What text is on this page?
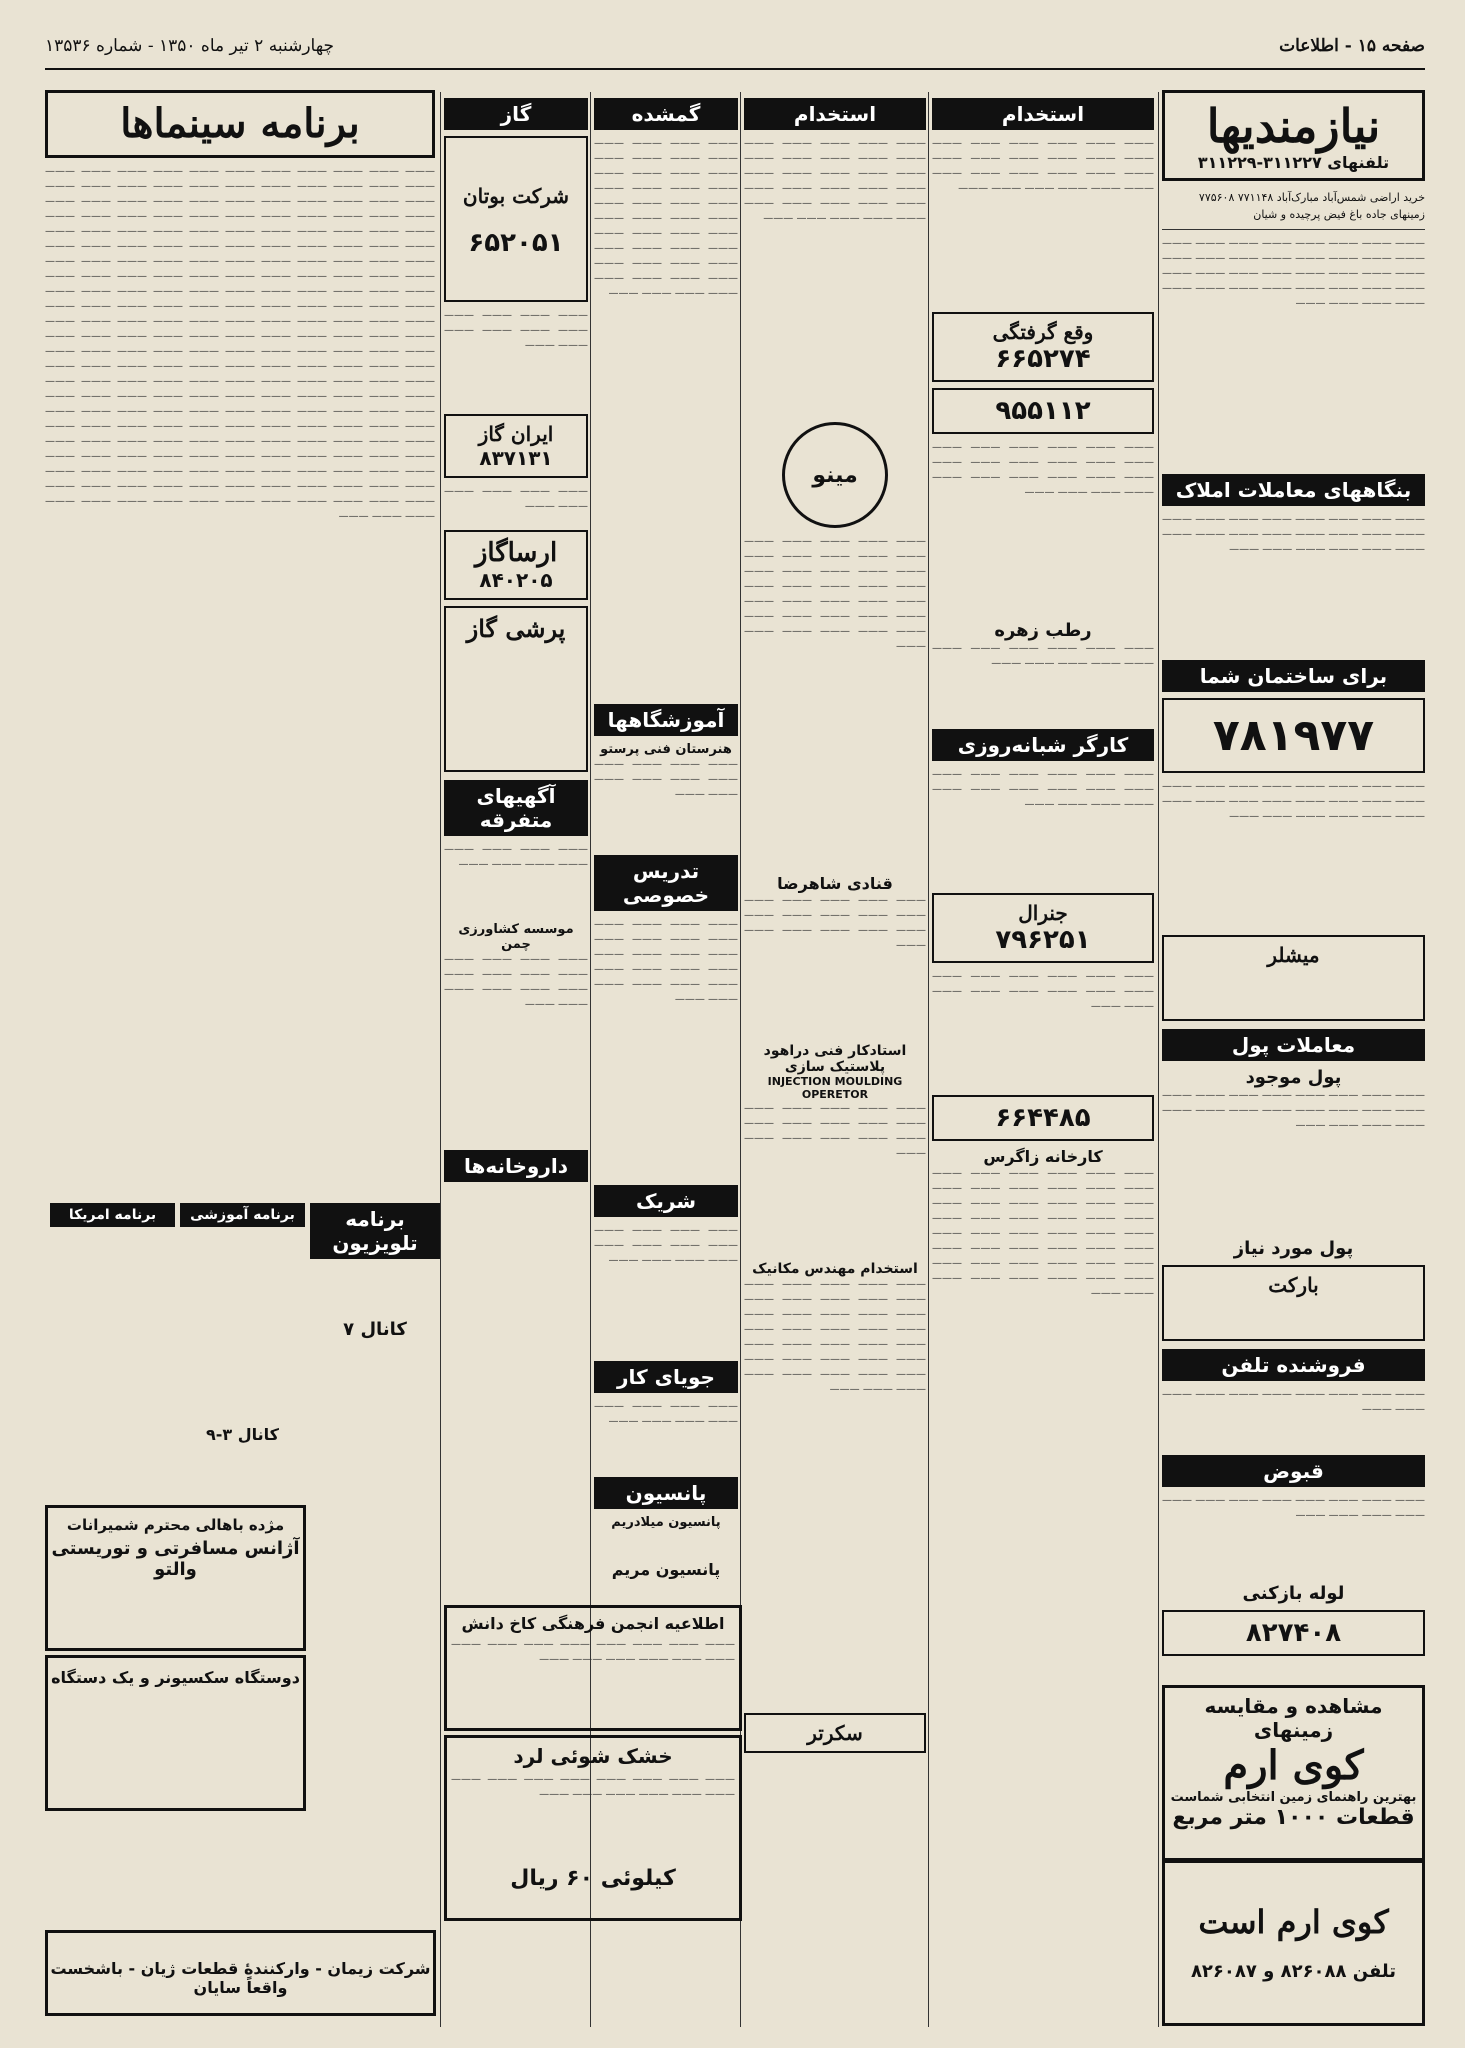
صفحه ۱۵ - اطلاعات
چهارشنبه ۲ تیر ماه ۱۳۵۰ - شماره ۱۳۵۳۶
نیازمندیها
تلفنهای ۳۱۱۲۲۷-۳۱۱۲۲۹
خرید اراضی شمس‌آباد مبارک‌آباد ۷۷۱۱۴۸ ۷۷۵۶۰۸
زمینهای جاده باغ فیض پرچیده و شیان
——— ——— ——— ——— ——— ——— ——— ——— ——— ——— ——— ——— ——— ——— ——— ——— ——— ——— ——— ——— ——— ——— ——— ——— ——— ——— ——— ——— ——— ——— ——— ——— ——— ——— ——— ———
بنگاههای معاملات املاک
——— ——— ——— ——— ——— ——— ——— ——— ——— ——— ——— ——— ——— ——— ——— ——— ——— ——— ——— ——— ——— ———
برای ساختمان شما
۷۸۱۹۷۷
——— ——— ——— ——— ——— ——— ——— ——— ——— ——— ——— ——— ——— ——— ——— ——— ——— ——— ——— ——— ——— ———
میشلر
معاملات پول
پول موجود
——— ——— ——— ——— ——— ——— ——— ——— ——— ——— ——— ——— ——— ——— ——— ——— ——— ——— ——— ———
پول مورد نیاز
بارکت
فروشنده تلفن
——— ——— ——— ——— ——— ——— ——— ——— ——— ———
قبوض
——— ——— ——— ——— ——— ——— ——— ——— ——— ——— ——— ———
لوله بازکنی
۸۲۷۴۰۸
استخدام
——— ——— ——— ——— ——— ——— ——— ——— ——— ——— ——— ——— ——— ——— ——— ——— ——— ——— ——— ——— ——— ——— ——— ———
وقع گرفتگی
۶۶۵۲۷۴
۹۵۵۱۱۲
——— ——— ——— ——— ——— ——— ——— ——— ——— ——— ——— ——— ——— ——— ——— ——— ——— ——— ——— ——— ——— ———
رطب زهره
——— ——— ——— ——— ——— ——— ——— ——— ——— ——— ———
کارگر شبانه‌روزی
——— ——— ——— ——— ——— ——— ——— ——— ——— ——— ——— ——— ——— ——— ——— ———
جنرال
۷۹۶۲۵۱
——— ——— ——— ——— ——— ——— ——— ——— ——— ——— ——— ——— ——— ———
۶۶۴۴۸۵
کارخانه زاگرس
——— ——— ——— ——— ——— ——— ——— ——— ——— ——— ——— ——— ——— ——— ——— ——— ——— ——— ——— ——— ——— ——— ——— ——— ——— ——— ——— ——— ——— ——— ——— ——— ——— ——— ——— ——— ——— ——— ——— ——— ——— ——— ——— ——— ——— ——— ——— ——— ——— ———
مشاهده و مقایسه زمینهای
کوی ارم
بهترین راهنمای زمین انتخابی شماست
قطعات ۱۰۰۰ متر مربع
کوی ارم است
تلفن ۸۲۶۰۸۸ و ۸۲۶۰۸۷
استخدام
——— ——— ——— ——— ——— ——— ——— ——— ——— ——— ——— ——— ——— ——— ——— ——— ——— ——— ——— ——— ——— ——— ——— ——— ——— ——— ——— ——— ——— ———
مینو
——— ——— ——— ——— ——— ——— ——— ——— ——— ——— ——— ——— ——— ——— ——— ——— ——— ——— ——— ——— ——— ——— ——— ——— ——— ——— ——— ——— ——— ——— ——— ——— ——— ——— ——— ———
قنادی شاهرضا
——— ——— ——— ——— ——— ——— ——— ——— ——— ——— ——— ——— ——— ——— ——— ———
استادکار فنی دراهود پلاستیک سازی
INJECTION MOULDING OPERETOR
——— ——— ——— ——— ——— ——— ——— ——— ——— ——— ——— ——— ——— ——— ——— ———
استخدام مهندس مکانیک
——— ——— ——— ——— ——— ——— ——— ——— ——— ——— ——— ——— ——— ——— ——— ——— ——— ——— ——— ——— ——— ——— ——— ——— ——— ——— ——— ——— ——— ——— ——— ——— ——— ——— ——— ——— ——— ———
سکرتر
گمشده
——— ——— ——— ——— ——— ——— ——— ——— ——— ——— ——— ——— ——— ——— ——— ——— ——— ——— ——— ——— ——— ——— ——— ——— ——— ——— ——— ——— ——— ——— ——— ——— ——— ——— ——— ——— ——— ——— ——— ——— ——— ——— ——— ———
آموزشگاهها
هنرستان فنی پرستو
——— ——— ——— ——— ——— ——— ——— ——— ——— ———
تدریس خصوصی
——— ——— ——— ——— ——— ——— ——— ——— ——— ——— ——— ——— ——— ——— ——— ——— ——— ——— ——— ——— ——— ———
شریک
——— ——— ——— ——— ——— ——— ——— ——— ——— ——— ——— ———
جویای کار
——— ——— ——— ——— ——— ——— ——— ———
پانسیون
پانسیون میلادریم
پانسیون مریم
اطلاعیه انجمن فرهنگی کاخ دانش
——— ——— ——— ——— ——— ——— ——— ——— ——— ——— ——— ——— ——— ———
خشک شوئی لرد
——— ——— ——— ——— ——— ——— ——— ——— ——— ——— ——— ——— ——— ———
کیلوئی ۶۰ ریال
گاز
شرکت بوتان
۶۵۲۰۵۱
——— ——— ——— ——— ——— ——— ——— ——— ——— ———
ایران گاز
۸۳۷۱۳۱
——— ——— ——— ——— ——— ———
ارساگاز
۸۴۰۲۰۵
پرشی گاز
آگهیهای متفرقه
——— ——— ——— ——— ——— ——— ——— ———
موسسه کشاورزی چمن
——— ——— ——— ——— ——— ——— ——— ——— ——— ——— ——— ——— ——— ———
داروخانه‌ها
برنامه سینماها
——— ——— ——— ——— ——— ——— ——— ——— ——— ——— ——— ——— ——— ——— ——— ——— ——— ——— ——— ——— ——— ——— ——— ——— ——— ——— ——— ——— ——— ——— ——— ——— ——— ——— ——— ——— ——— ——— ——— ——— ——— ——— ——— ——— ——— ——— ——— ——— ——— ——— ——— ——— ——— ——— ——— ——— ——— ——— ——— ——— ——— ——— ——— ——— ——— ——— ——— ——— ——— ——— ——— ——— ——— ——— ——— ——— ——— ——— ——— ——— ——— ——— ——— ——— ——— ——— ——— ——— ——— ——— ——— ——— ——— ——— ——— ——— ——— ——— ——— ——— ——— ——— ——— ——— ——— ——— ——— ——— ——— ——— ——— ——— ——— ——— ——— ——— ——— ——— ——— ——— ——— ——— ——— ——— ——— ——— ——— ——— ——— ——— ——— ——— ——— ——— ——— ——— ——— ——— ——— ——— ——— ——— ——— ——— ——— ——— ——— ——— ——— ——— ——— ——— ——— ——— ——— ——— ——— ——— ——— ——— ——— ——— ——— ——— ——— ——— ——— ——— ——— ——— ——— ——— ——— ——— ——— ——— ——— ——— ——— ——— ——— ——— ——— ——— ——— ——— ——— ——— ——— ——— ——— ——— ——— ——— ——— ——— ——— ——— ——— ——— ——— ——— ——— ——— ——— ——— ——— ——— ——— ——— ——— ——— ——— ——— ——— ——— ——— ——— ——— ——— ——— ——— ——— ——— ——— ——— ——— ——— ——— ——— ——— ——— ——— ——— ——— ——— ——— ——— ——— ——— ——— ——— ——— ——— ——— ——— ——— ——— ——— ——— ——— ——— ——— ——— ——— ———
برنامه تلویزیون
کانال ۷
برنامه آموزشی
برنامه امریکا
کانال ۳-۹
مژده باهالی محترم شمیرانات
آژانس مسافرتی و توریستی والتو
دوستگاه سکسیونر و یک دستگاه
شرکت زیمان - وارکنندۀ قطعات ژیان - باشخست واقعاً سایان
